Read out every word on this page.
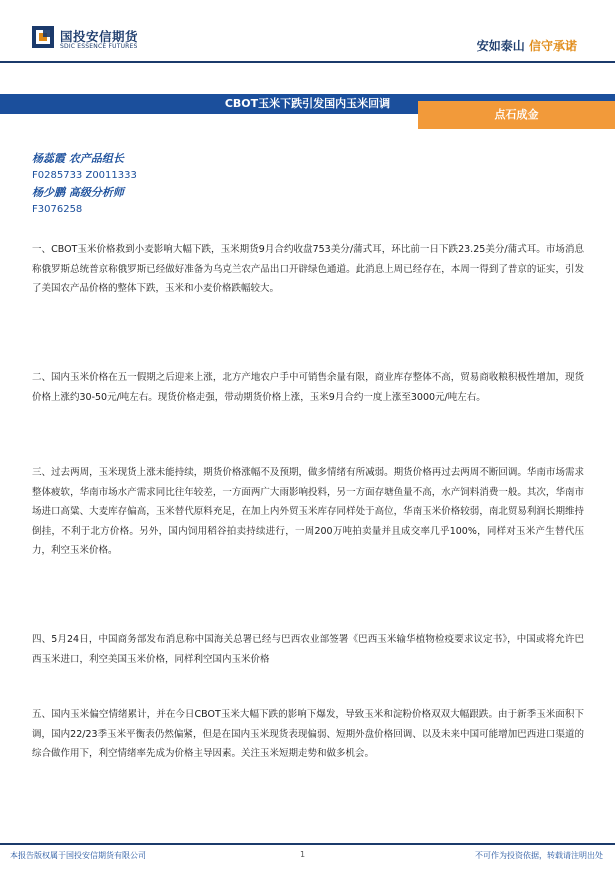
国投安信期货
SDIC ESSENCE FUTURES	安如泰山 信守承诺
CBOT玉米下跌引发国内玉米回调
点石成金
杨蕊霞 农产品组长
F0285733 Z0011333
杨少鹏 高级分析师
F3076258

一、CBOT玉米价格救到小麦影响大幅下跌，玉米期货9月合约收盘753美分/蒲式耳，环比前一日下跌23.25美分/蒲式耳。市场消息称俄罗斯总统普京称俄罗斯已经做好准备为乌克兰农产品出口开辟绿色通道。此消息上周已经存在，本周一得到了普京的证实，引发了美国农产品价格的整体下跌，玉米和小麦价格跌幅较大。

二、国内玉米价格在五一假期之后迎来上涨，北方产地农户手中可销售余量有限，商业库存整体不高，贸易商收粮积极性增加，现货价格上涨约30-50元/吨左右。现货价格走强，带动期货价格上涨，玉米9月合约一度上涨至3000元/吨左右。

三、过去两周，玉米现货上涨未能持续，期货价格涨幅不及预期，做多情绪有所减弱。期货价格再过去两周不断回调。华南市场需求整体疲软，华南市场水产需求同比往年较差，一方面两广大雨影响投料，另一方面存塘鱼量不高，水产饲料消费一般。其次，华南市场进口高粱、大麦库存偏高，玉米替代原料充足，在加上内外贸玉米库存同样处于高位，华南玉米价格较弱，南北贸易利润长期维持倒挂，不利于北方价格。另外，国内饲用稻谷拍卖持续进行，一周200万吨拍卖量并且成交率几乎100%，同样对玉米产生替代压力，利空玉米价格。

四、5月24日，中国商务部发布消息称中国海关总署已经与巴西农业部签署《巴西玉米输华植物检疫要求议定书》，中国或将允许巴西玉米进口，利空美国玉米价格，同样利空国内玉米价格

五、国内玉米偏空情绪累计，并在今日CBOT玉米大幅下跌的影响下爆发，导致玉米和淀粉价格双双大幅跟跌。由于新季玉米面积下调，国内22/23季玉米平衡表仍然偏紧，但是在国内玉米现货表现偏弱、短期外盘价格回调、以及未来中国可能增加巴西进口渠道的综合做作用下，利空情绪率先成为价格主导因素。关注玉米短期走势和做多机会。

本报告版权属于国投安信期货有限公司	1	不可作为投资依据，转载请注明出处
